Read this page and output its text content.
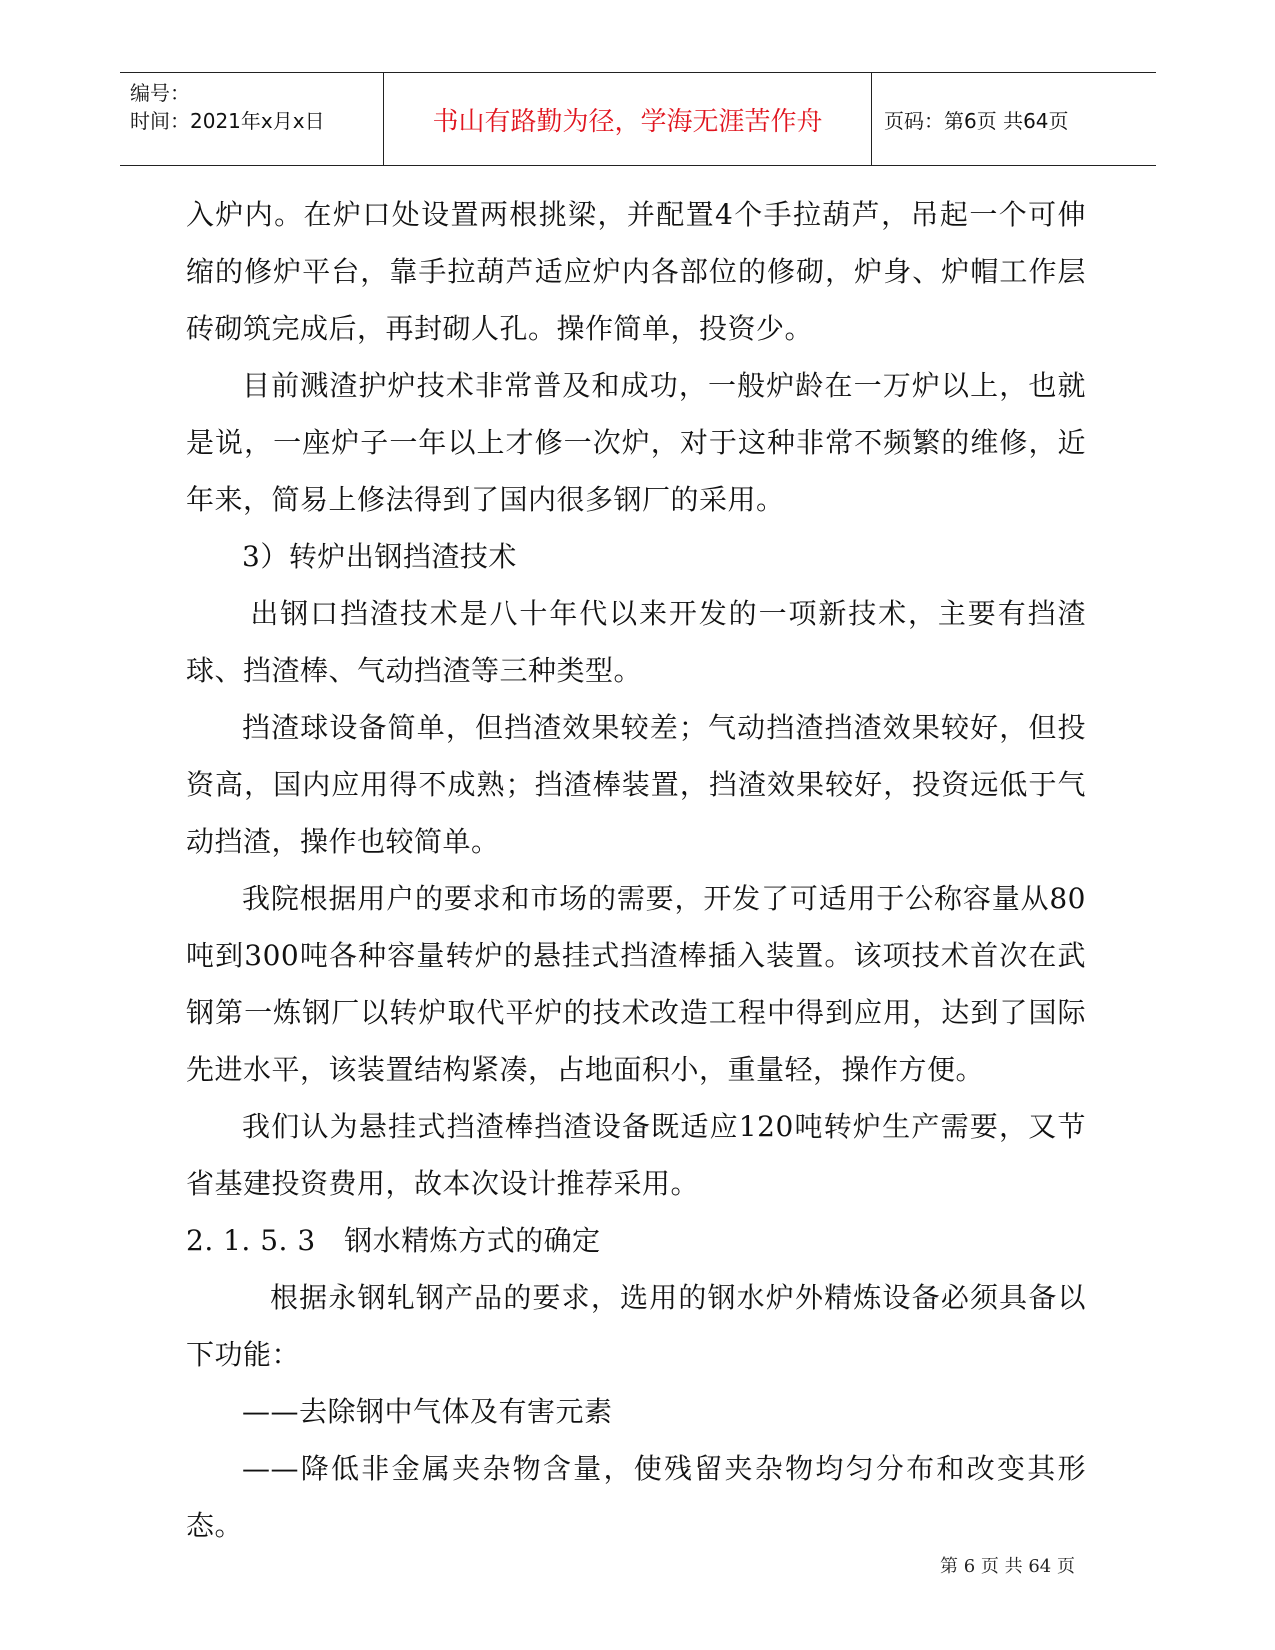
编号：
时间：2021年x月x日	书山有路勤为径，学海无涯苦作舟	页码：第6页 共64页

入炉内。在炉口处设置两根挑梁，并配置4个手拉葫芦，吊起一个可伸缩的修炉平台，靠手拉葫芦适应炉内各部位的修砌，炉身、炉帽工作层砖砌筑完成后，再封砌人孔。操作简单，投资少。

目前溅渣护炉技术非常普及和成功，一般炉龄在一万炉以上，也就是说，一座炉子一年以上才修一次炉，对于这种非常不频繁的维修，近年来，简易上修法得到了国内很多钢厂的采用。

3）转炉出钢挡渣技术

出钢口挡渣技术是八十年代以来开发的一项新技术，主要有挡渣球、挡渣棒、气动挡渣等三种类型。

挡渣球设备简单，但挡渣效果较差；气动挡渣挡渣效果较好，但投资高，国内应用得不成熟；挡渣棒装置，挡渣效果较好，投资远低于气动挡渣，操作也较简单。

我院根据用户的要求和市场的需要，开发了可适用于公称容量从80吨到300吨各种容量转炉的悬挂式挡渣棒插入装置。该项技术首次在武钢第一炼钢厂以转炉取代平炉的技术改造工程中得到应用，达到了国际先进水平，该装置结构紧凑，占地面积小，重量轻，操作方便。

我们认为悬挂式挡渣棒挡渣设备既适应120吨转炉生产需要，又节省基建投资费用，故本次设计推荐采用。

2. 1. 5. 3　钢水精炼方式的确定

根据永钢轧钢产品的要求，选用的钢水炉外精炼设备必须具备以下功能：

——去除钢中气体及有害元素

——降低非金属夹杂物含量，使残留夹杂物均匀分布和改变其形态。

第 6 页 共 64 页
